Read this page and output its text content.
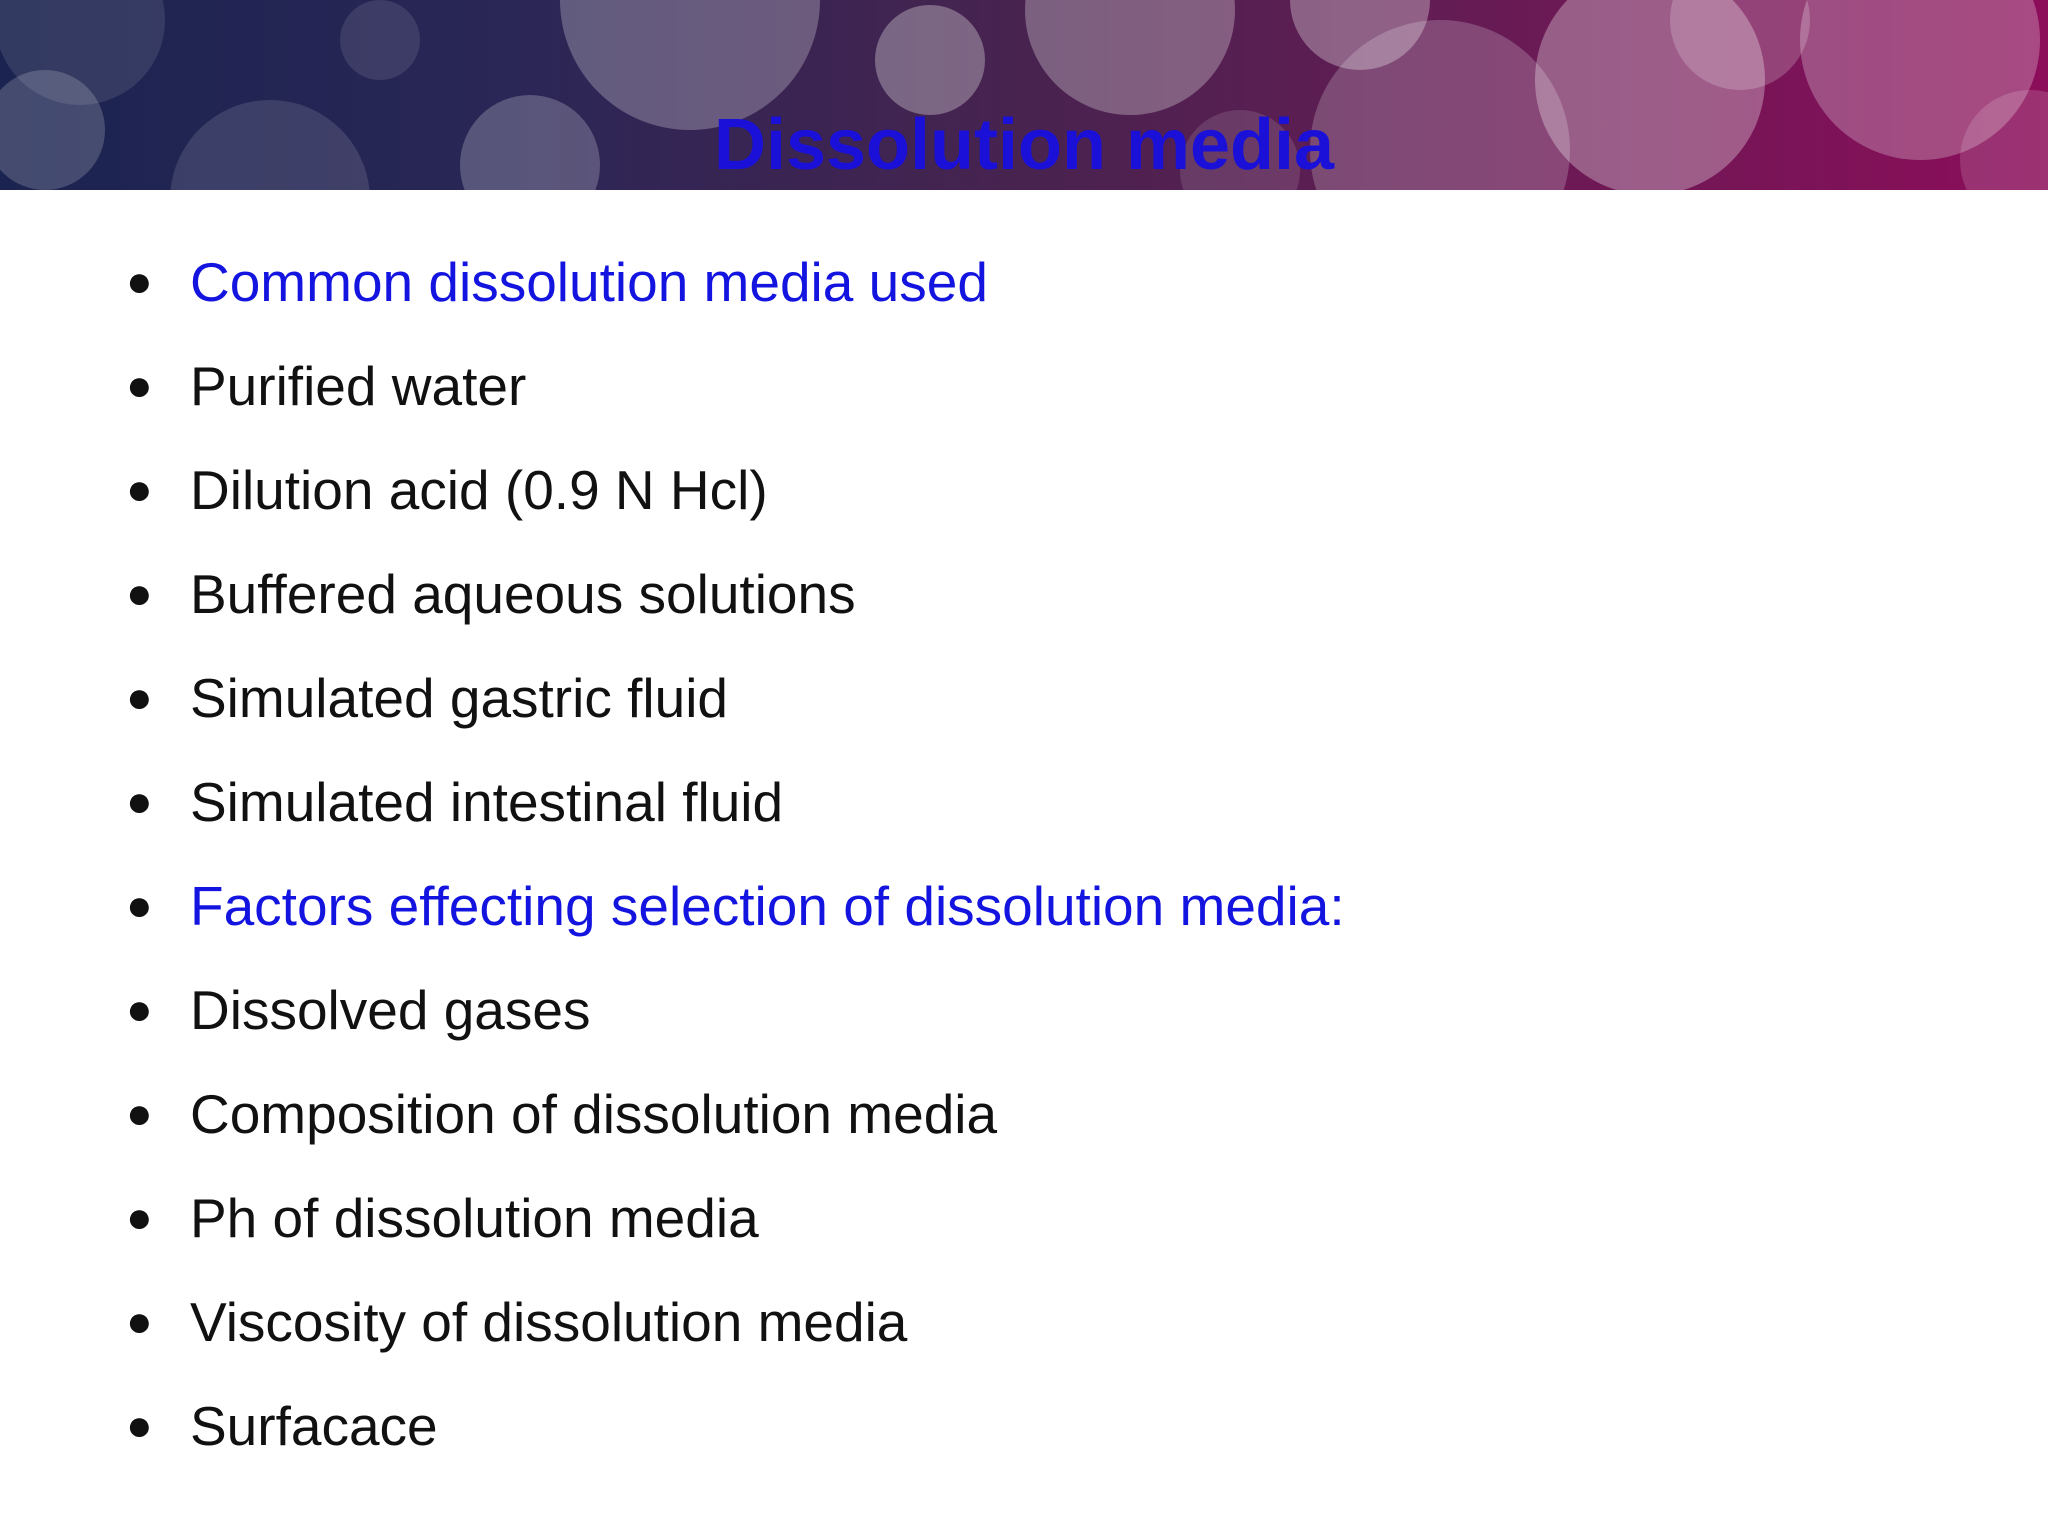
Dissolution media
● Common dissolution media used
● Purified water
● Dilution acid (0.9 N Hcl)
● Buffered aqueous solutions
● Simulated gastric fluid
● Simulated intestinal fluid
● Factors effecting selection of dissolution media:
● Dissolved gases
● Composition of dissolution media
● Ph of dissolution media
● Viscosity of dissolution media
● Surfacace
